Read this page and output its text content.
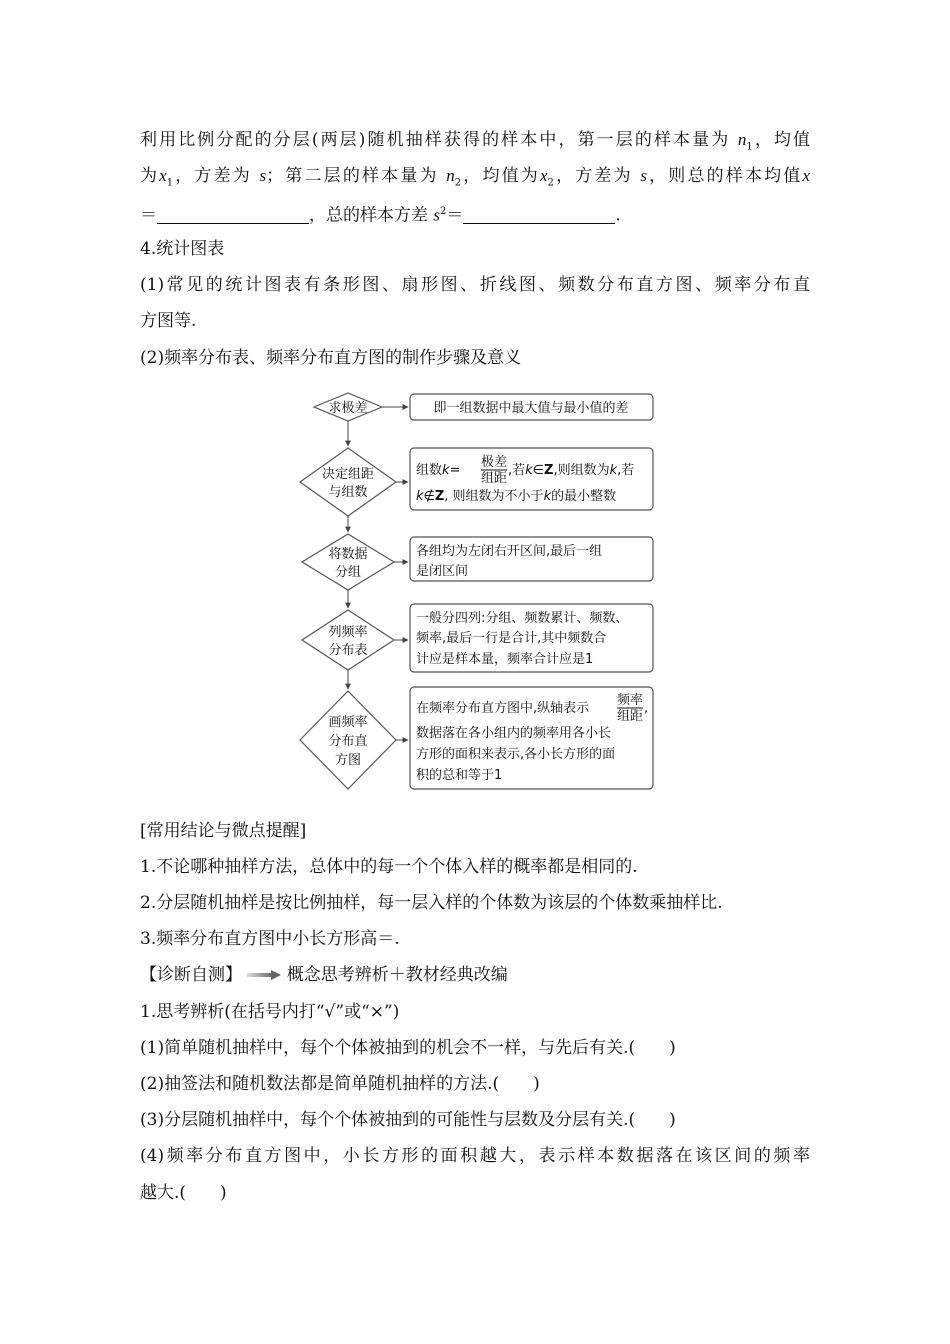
利用比例分配的分层(两层)随机抽样获得的样本中，第一层的样本量为 $n_1$，均值
为$x_1$，方差为 s；第二层的样本量为 $n_2$，均值为$x_2$，方差为 s，则总的样本均值x
＝	，总的样本方差 $s^2=$	.
4.统计图表
(1)常见的统计图表有条形图、扇形图、折线图、频数分布直方图、频率分布直
方图等.
(2)频率分布表、频率分布直方图的制作步骤及意义
求极差	即一组数据中最大值与最小值的差
决定组距
与组数
组数k=
极差
组距
,若k∈Z,则组数为k,若
k∉Z, 则组数为不小于k的最小整数
将数据
分组
各组均为左闭右开区间,最后一组
是闭区间
列频率
分布表
一般分四列:分组、频数累计、频数、
频率,最后一行是合计,其中频数合
计应是样本量，频率合计应是1
画频率
分布直
方图
在频率分布直方图中,纵轴表示
频率
组距
,
数据落在各小组内的频率用各小长
方形的面积来表示,各小长方形的面
积的总和等于1
[常用结论与微点提醒]
1.不论哪种抽样方法，总体中的每一个个体入样的概率都是相同的.
2.分层随机抽样是按比例抽样，每一层入样的个体数为该层的个体数乘抽样比.
3.频率分布直方图中小长方形高＝.
【诊断自测】	概念思考辨析＋教材经典改编
1.思考辨析(在括号内打“√”或“×”)
(1)简单随机抽样中，每个个体被抽到的机会不一样，与先后有关.(　　)
(2)抽签法和随机数法都是简单随机抽样的方法.(　　)
(3)分层随机抽样中，每个个体被抽到的可能性与层数及分层有关.(　　)
(4)频率分布直方图中，小长方形的面积越大，表示样本数据落在该区间的频率
越大.(　　)
